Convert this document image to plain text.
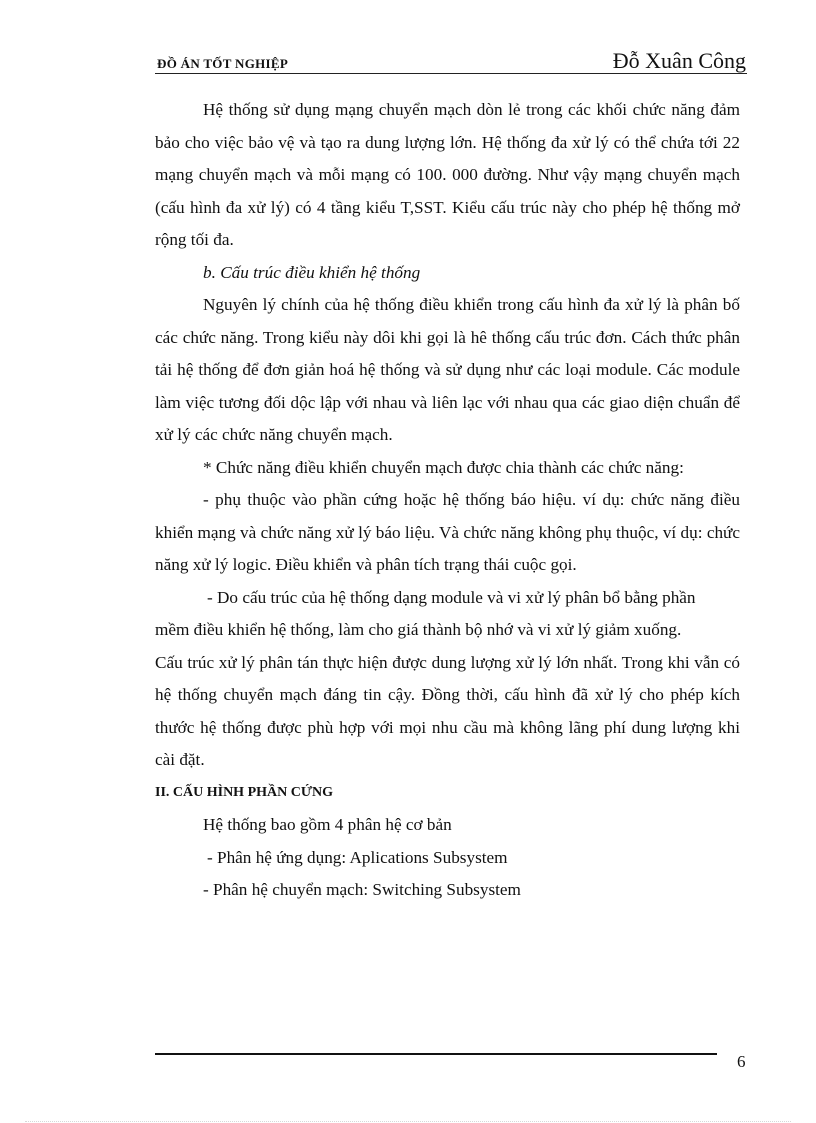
ĐỒ ÁN TỐT NGHIỆP	Đỗ Xuân Công

Hệ thống sử dụng mạng chuyển mạch dòn lẻ trong các khối chức năng đảm bảo cho việc bảo vệ và tạo ra dung lượng lớn. Hệ thống đa xử lý có thể chứa tới 22 mạng chuyển mạch và mỗi mạng có 100. 000 đường. Như vậy mạng chuyển mạch (cấu hình đa xử lý) có 4 tầng kiểu T,SST. Kiểu cấu trúc này cho phép hệ thống mở rộng tối đa.

b. Cấu trúc điều khiển hệ thống

Nguyên lý chính của hệ thống điều khiển trong cấu hình đa xử lý là phân bố các chức năng. Trong kiểu này dôi khi gọi là hê thống cấu trúc đơn. Cách thức phân tải hệ thống để đơn giản hoá hệ thống và sử dụng như các loại module. Các module làm việc tương đối dộc lập với nhau và liên lạc với nhau qua các giao diện chuẩn để xử lý các chức năng chuyển mạch.

* Chức năng điều khiển chuyển mạch được chia thành các chức năng:

- phụ thuộc vào phần cứng hoặc hệ thống báo hiệu. ví dụ: chức năng điều khiển mạng và chức năng xử lý báo liệu. Và chức năng không phụ thuộc, ví dụ: chức năng xử lý logic. Điều khiển và phân tích trạng thái cuộc gọi.

- Do cấu trúc của hệ thống dạng module và vi xử lý phân bổ bằng phần

mềm điều khiển hệ thống, làm cho giá thành bộ nhớ và vi xử lý giảm xuống.

Cấu trúc xử lý phân tán thực hiện được dung lượng xử lý lớn nhất. Trong khi vẫn có hệ thống chuyển mạch đáng tin cậy. Đồng thời, cấu hình đã xử lý cho phép kích thước hệ thống được phù hợp với mọi nhu cầu mà không lãng phí dung lượng khi cài đặt.

II. CẤU HÌNH PHẦN CỨNG

Hệ thống bao gồm 4 phân hệ cơ bản

- Phân hệ ứng dụng: Aplications Subsystem

- Phân hệ chuyển mạch: Switching Subsystem

6
